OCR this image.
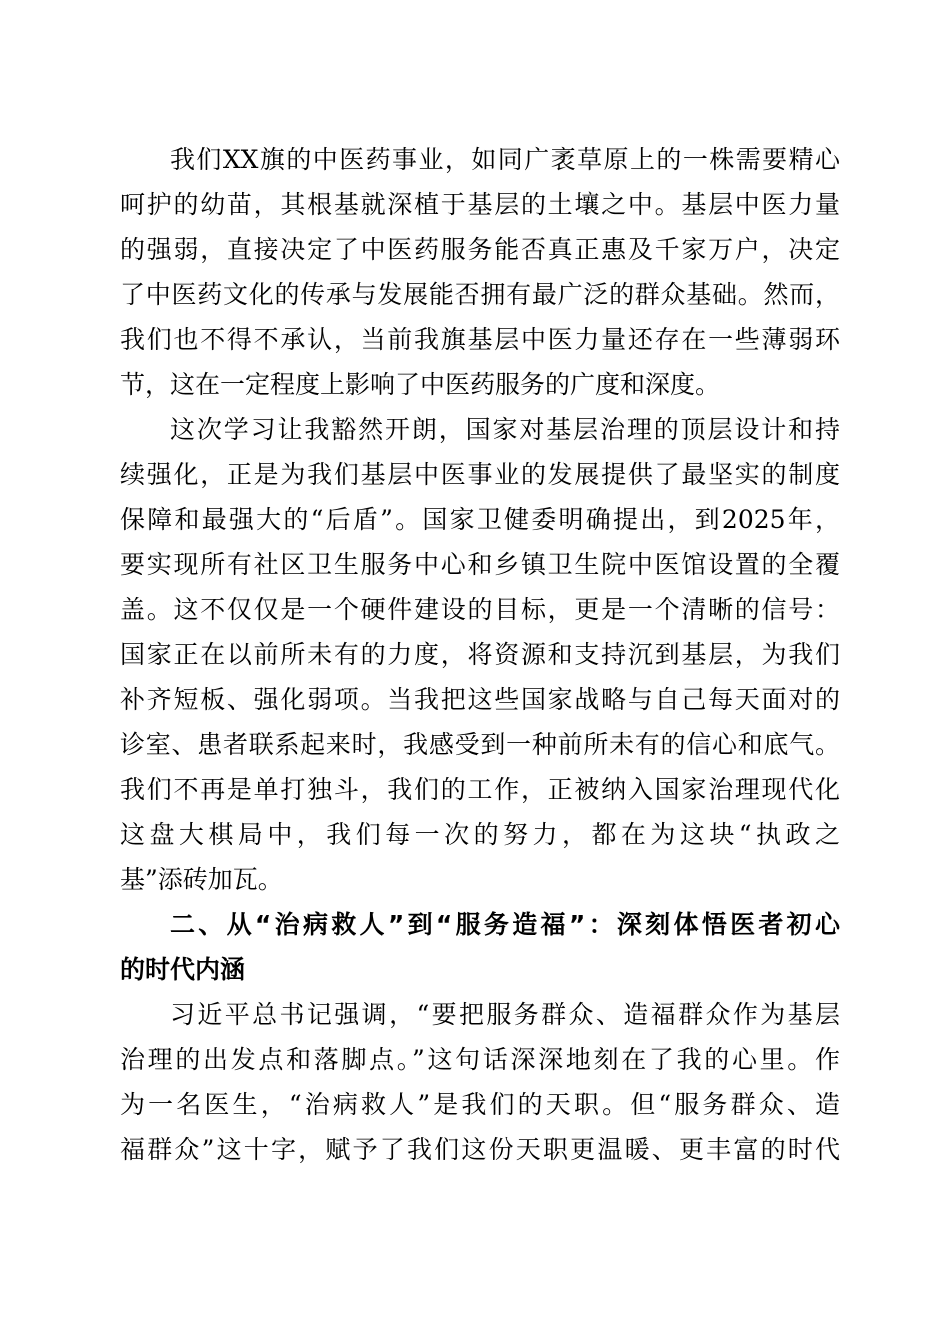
我们XX旗的中医药事业，如同广袤草原上的一株需要精心
呵护的幼苗，其根基就深植于基层的土壤之中。基层中医力量
的强弱，直接决定了中医药服务能否真正惠及千家万户，决定
了中医药文化的传承与发展能否拥有最广泛的群众基础。然而，
我们也不得不承认，当前我旗基层中医力量还存在一些薄弱环
节，这在一定程度上影响了中医药服务的广度和深度。
这次学习让我豁然开朗，国家对基层治理的顶层设计和持
续强化，正是为我们基层中医事业的发展提供了最坚实的制度
保障和最强大的“后盾”。国家卫健委明确提出，到2025年，
要实现所有社区卫生服务中心和乡镇卫生院中医馆设置的全覆
盖。这不仅仅是一个硬件建设的目标，更是一个清晰的信号：
国家正在以前所未有的力度，将资源和支持沉到基层，为我们
补齐短板、强化弱项。当我把这些国家战略与自己每天面对的
诊室、患者联系起来时，我感受到一种前所未有的信心和底气。
我们不再是单打独斗，我们的工作，正被纳入国家治理现代化
这盘大棋局中，我们每一次的努力，都在为这块“执政之
基”添砖加瓦。
二、从“治病救人”到“服务造福”：深刻体悟医者初心
的时代内涵
习近平总书记强调，“要把服务群众、造福群众作为基层
治理的出发点和落脚点。”这句话深深地刻在了我的心里。作
为一名医生，“治病救人”是我们的天职。但“服务群众、造
福群众”这十字，赋予了我们这份天职更温暖、更丰富的时代
